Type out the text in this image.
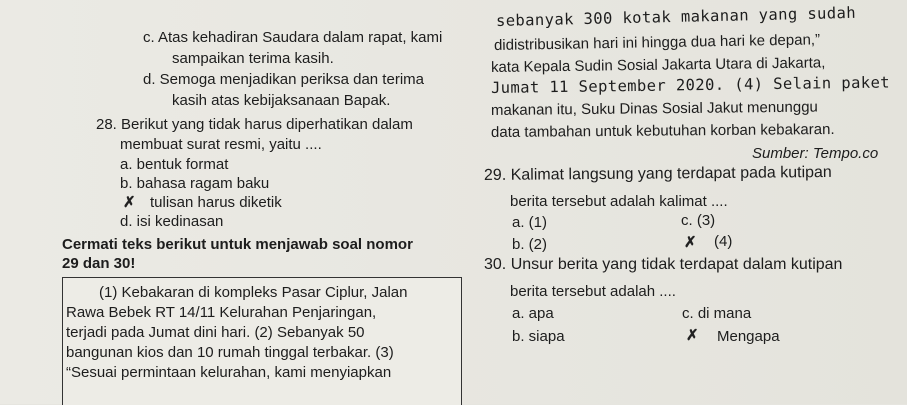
c. Atas kehadiran Saudara dalam rapat, kami
sampaikan terima kasih.
d. Semoga menjadikan periksa dan terima
kasih atas kebijaksanaan Bapak.
28. Berikut yang tidak harus diperhatikan dalam
membuat surat resmi, yaitu ....
a. bentuk format
b. bahasa ragam baku
✗ tulisan harus diketik
d. isi kedinasan
Cermati teks berikut untuk menjawab soal nomor
29 dan 30!
(1) Kebakaran di kompleks Pasar Ciplur, Jalan
Rawa Bebek RT 14/11 Kelurahan Penjaringan,
terjadi pada Jumat dini hari. (2) Sebanyak 50
bangunan kios dan 10 rumah tinggal terbakar. (3)
“Sesuai permintaan kelurahan, kami menyiapkan
sebanyak 300 kotak makanan yang sudah
didistribusikan hari ini hingga dua hari ke depan,”
kata Kepala Sudin Sosial Jakarta Utara di Jakarta,
Jumat 11 September 2020. (4) Selain paket
makanan itu, Suku Dinas Sosial Jakut menunggu
data tambahan untuk kebutuhan korban kebakaran.
Sumber: Tempo.co
29. Kalimat langsung yang terdapat pada kutipan
berita tersebut adalah kalimat ....
a. (1)	c. (3)
b. (2)	✗ (4)
30. Unsur berita yang tidak terdapat dalam kutipan
berita tersebut adalah ....
a. apa	c. di mana
b. siapa	✗ Mengapa
